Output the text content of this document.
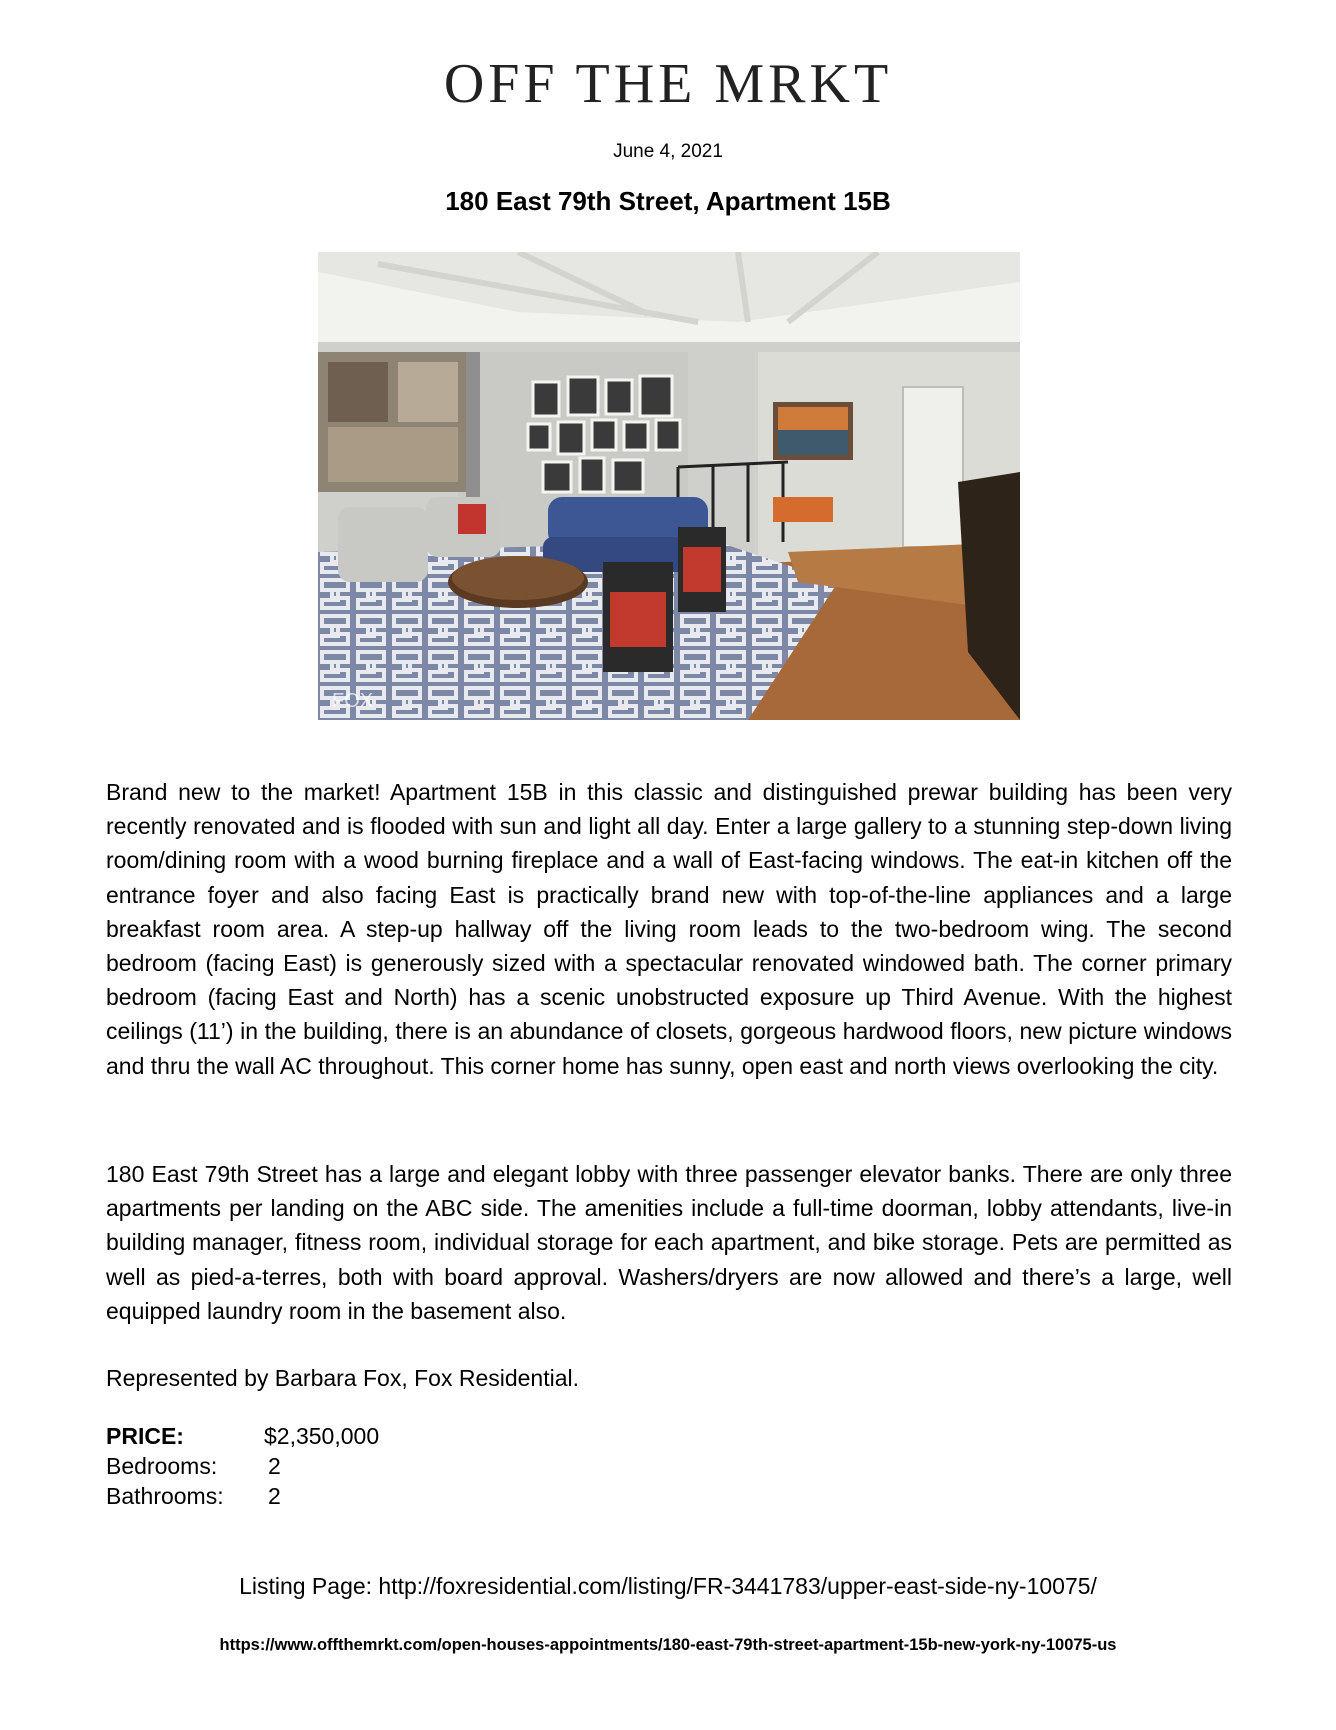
OFF THE MRKT
June 4, 2021
180 East 79th Street, Apartment 15B
FOX
Brand new to the market! Apartment 15B in this classic and distinguished prewar building has been very recently renovated and is flooded with sun and light all day. Enter a large gallery to a stunning step-down living room/dining room with a wood burning fireplace and a wall of East-facing windows. The eat-in kitchen off the entrance foyer and also facing East is practically brand new with top-of-the-line appliances and a large breakfast room area. A step-up hallway off the living room leads to the two-bedroom wing. The second bedroom (facing East) is generously sized with a spectacular renovated windowed bath. The corner primary bedroom (facing East and North) has a scenic unobstructed exposure up Third Avenue. With the highest ceilings (11’) in the building, there is an abundance of closets, gorgeous hardwood floors, new picture windows and thru the wall AC throughout. This corner home has sunny, open east and north views overlooking the city.
180 East 79th Street has a large and elegant lobby with three passenger elevator banks. There are only three apartments per landing on the ABC side. The amenities include a full-time doorman, lobby attendants, live-in building manager, fitness room, individual storage for each apartment, and bike storage. Pets are permitted as well as pied-a-terres, both with board approval. Washers/dryers are now allowed and there’s a large, well equipped laundry room in the basement also.
Represented by Barbara Fox, Fox Residential.
PRICE:	$2,350,000
Bedrooms:	2
Bathrooms:	2
Listing Page: http://foxresidential.com/listing/FR-3441783/upper-east-side-ny-10075/
https://www.offthemrkt.com/open-houses-appointments/180-east-79th-street-apartment-15b-new-york-ny-10075-us
